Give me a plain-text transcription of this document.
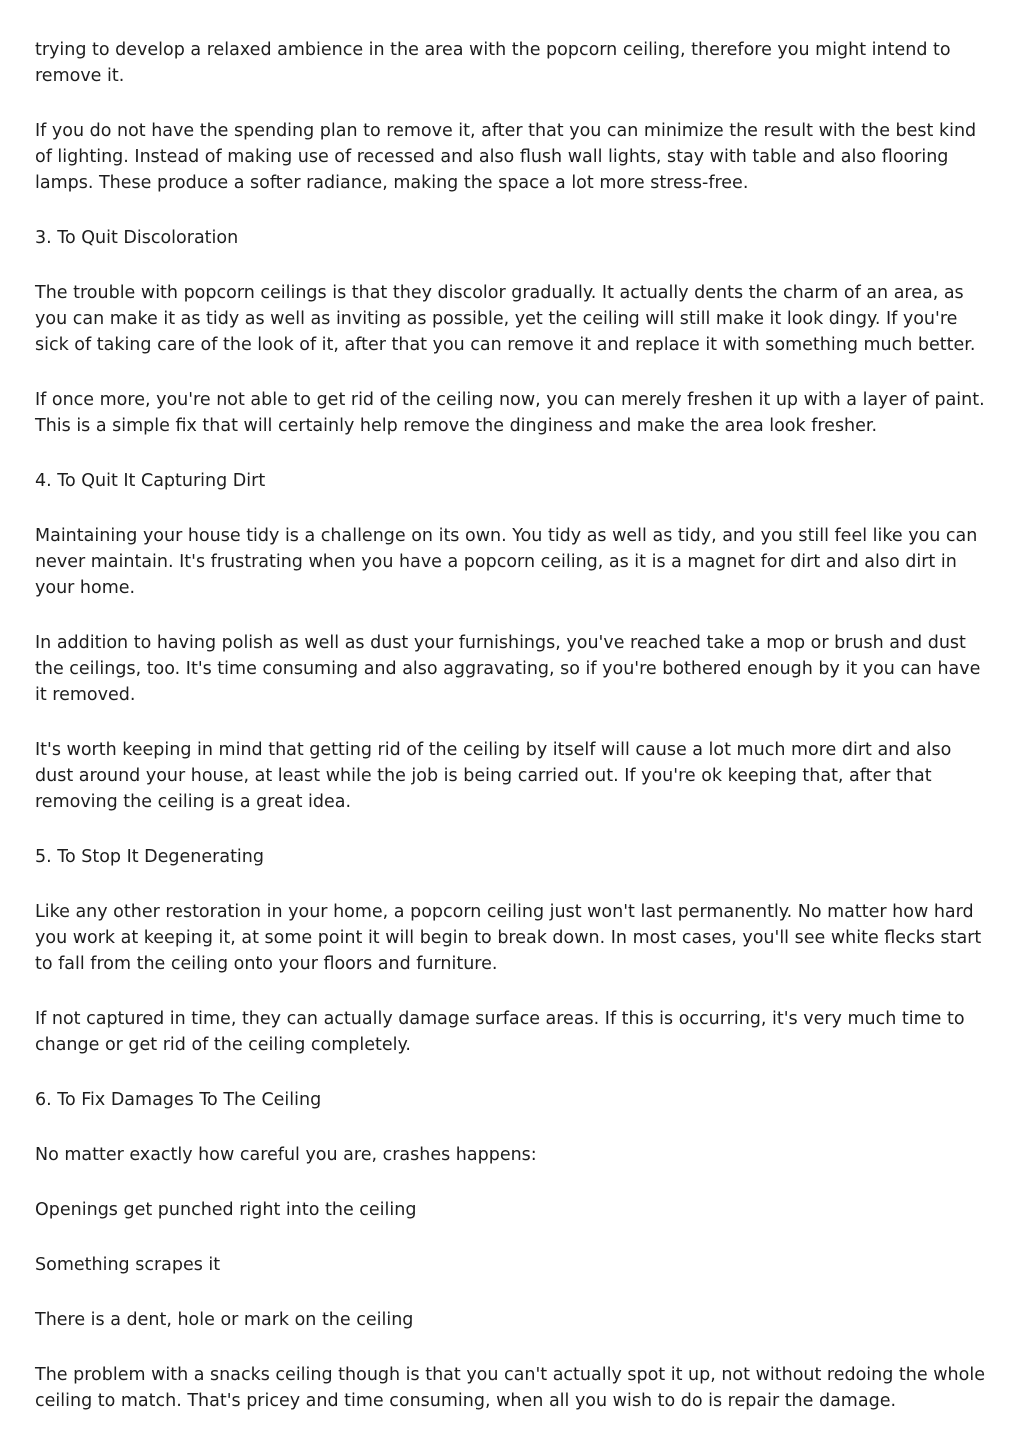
trying to develop a relaxed ambience in the area with the popcorn ceiling, therefore you might intend to remove it.

If you do not have the spending plan to remove it, after that you can minimize the result with the best kind of lighting. Instead of making use of recessed and also flush wall lights, stay with table and also flooring lamps. These produce a softer radiance, making the space a lot more stress-free.

3. To Quit Discoloration

The trouble with popcorn ceilings is that they discolor gradually. It actually dents the charm of an area, as you can make it as tidy as well as inviting as possible, yet the ceiling will still make it look dingy. If you're sick of taking care of the look of it, after that you can remove it and replace it with something much better.

If once more, you're not able to get rid of the ceiling now, you can merely freshen it up with a layer of paint. This is a simple fix that will certainly help remove the dinginess and make the area look fresher.

4. To Quit It Capturing Dirt

Maintaining your house tidy is a challenge on its own. You tidy as well as tidy, and you still feel like you can never maintain. It's frustrating when you have a popcorn ceiling, as it is a magnet for dirt and also dirt in your home.

In addition to having polish as well as dust your furnishings, you've reached take a mop or brush and dust the ceilings, too. It's time consuming and also aggravating, so if you're bothered enough by it you can have it removed.

It's worth keeping in mind that getting rid of the ceiling by itself will cause a lot much more dirt and also dust around your house, at least while the job is being carried out. If you're ok keeping that, after that removing the ceiling is a great idea.

5. To Stop It Degenerating

Like any other restoration in your home, a popcorn ceiling just won't last permanently. No matter how hard you work at keeping it, at some point it will begin to break down. In most cases, you'll see white flecks start to fall from the ceiling onto your floors and furniture.

If not captured in time, they can actually damage surface areas. If this is occurring, it's very much time to change or get rid of the ceiling completely.

6. To Fix Damages To The Ceiling

No matter exactly how careful you are, crashes happens:

Openings get punched right into the ceiling

Something scrapes it

There is a dent, hole or mark on the ceiling

The problem with a snacks ceiling though is that you can't actually spot it up, not without redoing the whole ceiling to match. That's pricey and time consuming, when all you wish to do is repair the damage.
